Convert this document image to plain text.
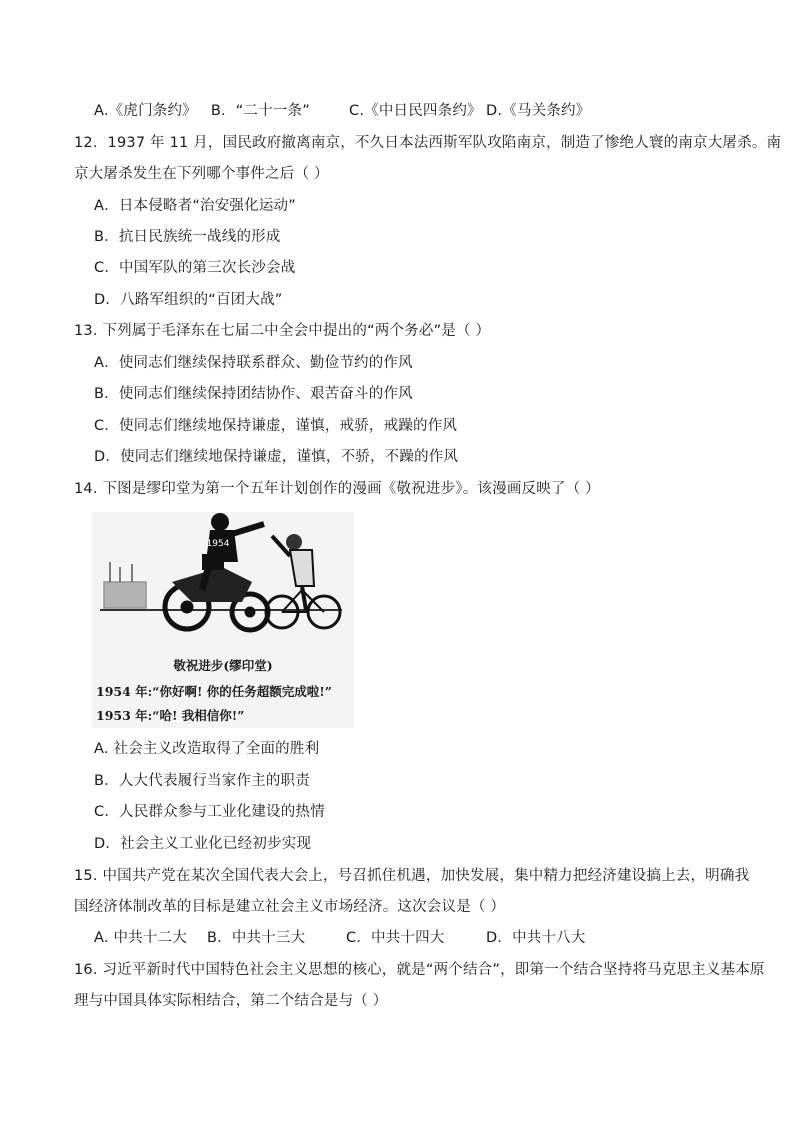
A.《虎门条约》 B．“二十一条”	C.《中日民四条约》 D.《马关条约》
12．1937 年 11 月，国民政府撤离南京，不久日本法西斯军队攻陷南京，制造了惨绝人寰的南京大屠杀。南
京大屠杀发生在下列哪个事件之后（ ）
A．日本侵略者“治安强化运动”
B．抗日民族统一战线的形成
C．中国军队的第三次长沙会战
D．八路军组织的“百团大战”
13. 下列属于毛泽东在七届二中全会中提出的“两个务必”是（ ）
A．使同志们继续保持联系群众、勤俭节约的作风
B．使同志们继续保持团结协作、艰苦奋斗的作风
C．使同志们继续地保持谦虚，谨慎，戒骄，戒躁的作风
D．使同志们继续地保持谦虚，谨慎，不骄，不躁的作风
14. 下图是缪印堂为第一个五年计划创作的漫画《敬祝进步》。该漫画反映了（ ）
1954
敬祝进步(缪印堂)
1954 年:“你好啊! 你的任务超额完成啦!”
1953 年:“哈! 我相信你!”
A. 社会主义改造取得了全面的胜利
B．人大代表履行当家作主的职责
C．人民群众参与工业化建设的热情
D．社会主义工业化已经初步实现
15. 中国共产党在某次全国代表大会上，号召抓住机遇，加快发展，集中精力把经济建设搞上去，明确我
国经济体制改革的目标是建立社会主义市场经济。这次会议是（ ）
A. 中共十二大 B．中共十三大	C．中共十四大	D．中共十八大
16. 习近平新时代中国特色社会主义思想的核心，就是“两个结合”，即第一个结合坚持将马克思主义基本原
理与中国具体实际相结合，第二个结合是与（ ）
